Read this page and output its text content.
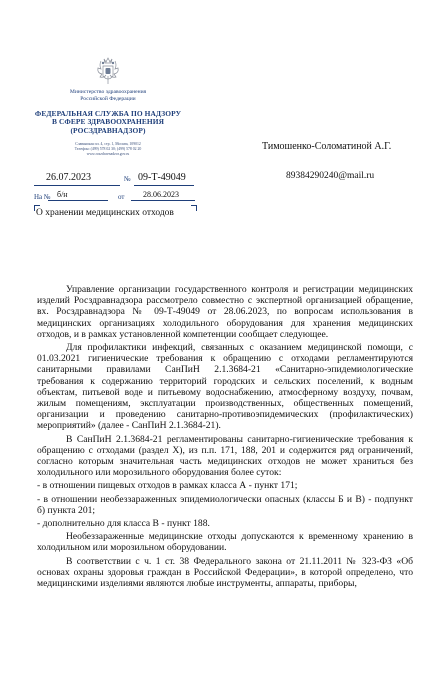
Министерство здравоохранения
Российской Федерации
ФЕДЕРАЛЬНАЯ СЛУЖБА ПО НАДЗОРУ
В СФЕРЕ ЗДРАВООХРАНЕНИЯ
(РОСЗДРАВНАДЗОР)
Славянская пл. 4, стр. 1, Москва, 109012
Телефон: (499) 578 02 30; (499) 578 02 20
www.roszdravnadzor.gov.ru
26.07.2023	№ 09-Т-49049
На № б/н	от 28.06.2023
О хранении медицинских отходов
Тимошенко-Соломатиной А.Г.
89384290240@mail.ru

Управление организации государственного контроля и регистрации медицинских изделий Росздравнадзора рассмотрело совместно с экспертной организацией обращение, вх. Росздравнадзора № 09-Т-49049 от 28.06.2023, по вопросам использования в медицинских организациях холодильного оборудования для хранения медицинских отходов, и в рамках установленной компетенции сообщает следующее.

Для профилактики инфекций, связанных с оказанием медицинской помощи, с 01.03.2021 гигиенические требования к обращению с отходами регламентируются санитарными правилами СанПиН 2.1.3684-21 «Санитарно-эпидемиологические требования к содержанию территорий городских и сельских поселений, к водным объектам, питьевой воде и питьевому водоснабжению, атмосферному воздуху, почвам, жилым помещениям, эксплуатации производственных, общественных помещений, организации и проведению санитарно-противоэпидемических (профилактических) мероприятий» (далее - СанПиН 2.1.3684-21).

В СанПиН 2.1.3684-21 регламентированы санитарно-гигиенические требования к обращению с отходами (раздел X), из п.п. 171, 188, 201 и содержится ряд ограничений, согласно которым значительная часть медицинских отходов не может храниться без холодильного или морозильного оборудования более суток:

- в отношении пищевых отходов в рамках класса А - пункт 171;

- в отношении необеззараженных эпидемиологически опасных (классы Б и В) - подпункт б) пункта 201;

- дополнительно для класса В - пункт 188.

Необеззараженные медицинские отходы допускаются к временному хранению в холодильном или морозильном оборудовании.

В соответствии с ч. 1 ст. 38 Федерального закона от 21.11.2011 № 323-ФЗ «Об основах охраны здоровья граждан в Российской Федерации», в которой определено, что медицинскими изделиями являются любые инструменты, аппараты, приборы,
